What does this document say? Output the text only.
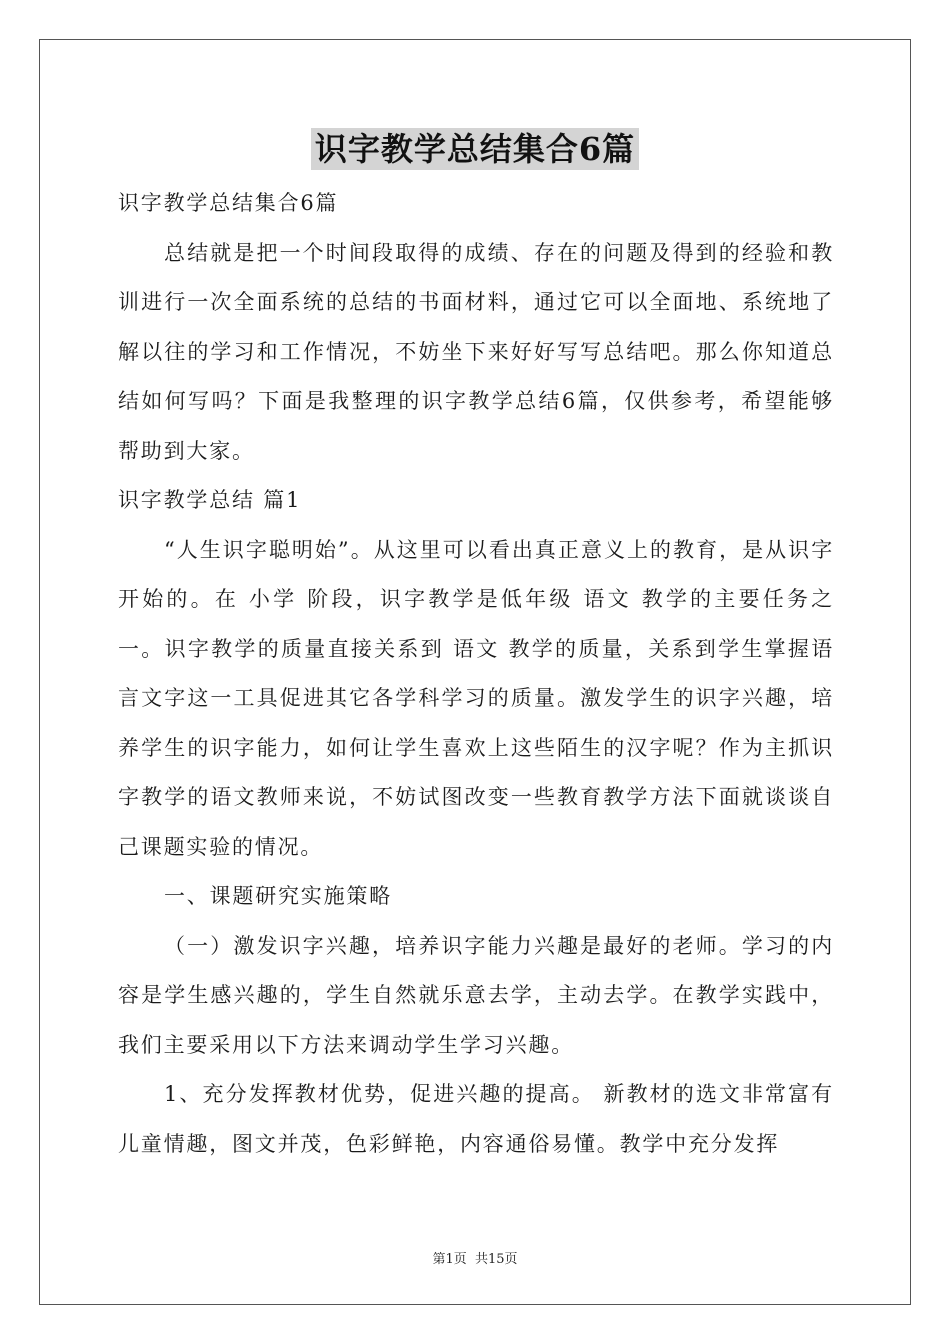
识字教学总结集合6篇

识字教学总结集合6篇

总结就是把一个时间段取得的成绩、存在的问题及得到的经验和教训进行一次全面系统的总结的书面材料，通过它可以全面地、系统地了解以往的学习和工作情况，不妨坐下来好好写写总结吧。那么你知道总结如何写吗？下面是我整理的识字教学总结6篇，仅供参考，希望能够帮助到大家。

识字教学总结 篇1

“人生识字聪明始”。从这里可以看出真正意义上的教育，是从识字开始的。在 小学 阶段，识字教学是低年级 语文 教学的主要任务之一。识字教学的质量直接关系到 语文 教学的质量，关系到学生掌握语言文字这一工具促进其它各学科学习的质量。激发学生的识字兴趣，培养学生的识字能力，如何让学生喜欢上这些陌生的汉字呢？作为主抓识字教学的语文教师来说，不妨试图改变一些教育教学方法下面就谈谈自己课题实验的情况。

一、课题研究实施策略

（一）激发识字兴趣，培养识字能力兴趣是最好的老师。学习的内容是学生感兴趣的，学生自然就乐意去学，主动去学。在教学实践中，我们主要采用以下方法来调动学生学习兴趣。

1、充分发挥教材优势，促进兴趣的提高。 新教材的选文非常富有儿童情趣，图文并茂，色彩鲜艳，内容通俗易懂。教学中充分发挥

第1页 共15页
